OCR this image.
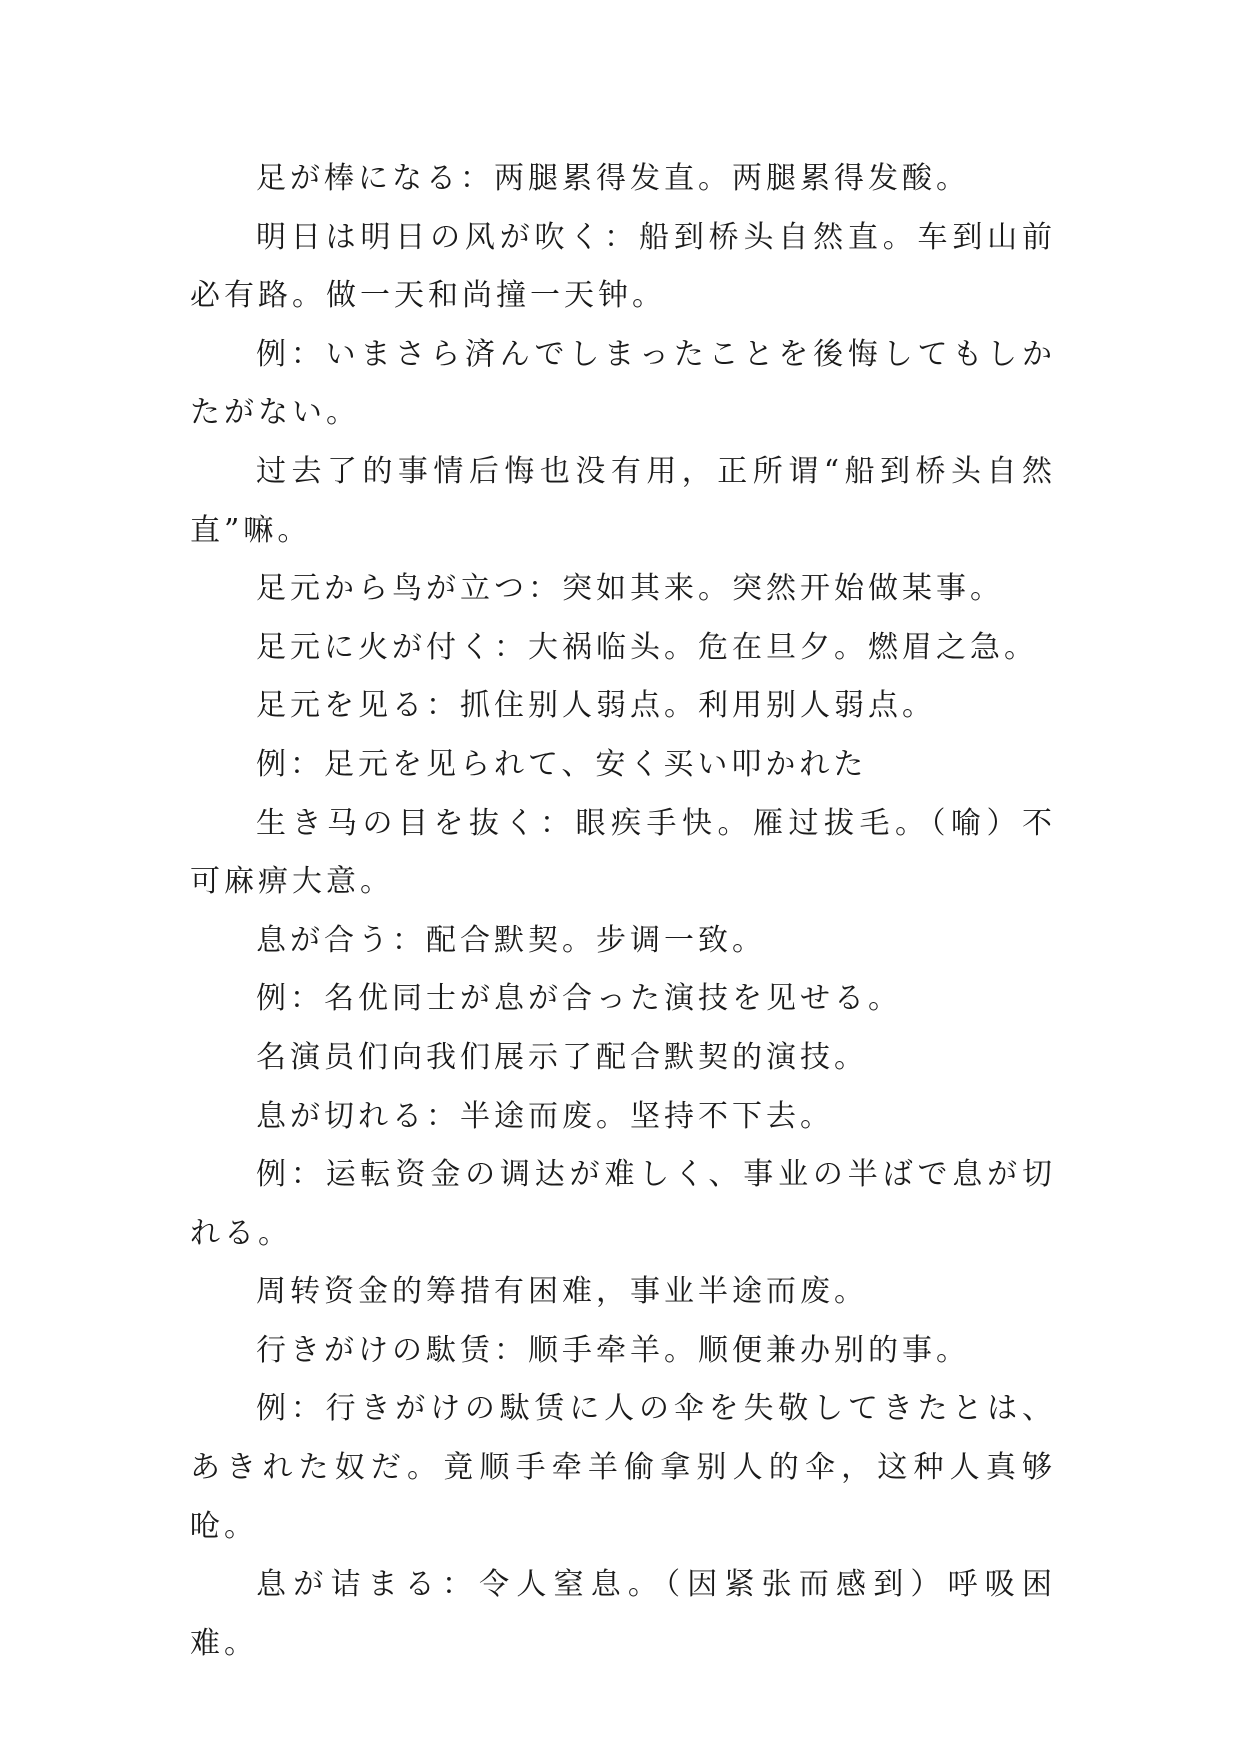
足が棒になる：两腿累得发直。两腿累得发酸。

明日は明日の风が吹く：船到桥头自然直。车到山前必有路。做一天和尚撞一天钟。

例：いまさら済んでしまったことを後悔してもしかたがない。

过去了的事情后悔也没有用，正所谓“船到桥头自然直”嘛。

足元から鸟が立つ：突如其来。突然开始做某事。

足元に火が付く：大祸临头。危在旦夕。燃眉之急。

足元を见る：抓住别人弱点。利用别人弱点。

例：足元を见られて、安く买い叩かれた

生き马の目を抜く：眼疾手快。雁过拔毛。（喻）不可麻痹大意。

息が合う：配合默契。步调一致。

例：名优同士が息が合った演技を见せる。

名演员们向我们展示了配合默契的演技。

息が切れる：半途而废。坚持不下去。

例：运転资金の调达が难しく、事业の半ばで息が切れる。

周转资金的筹措有困难，事业半途而废。

行きがけの駄赁：顺手牵羊。顺便兼办别的事。

例：行きがけの駄赁に人の伞を失敬してきたとは、あきれた奴だ。竟顺手牵羊偷拿别人的伞，这种人真够呛。

息が诘まる：令人窒息。（因紧张而感到）呼吸困难。
